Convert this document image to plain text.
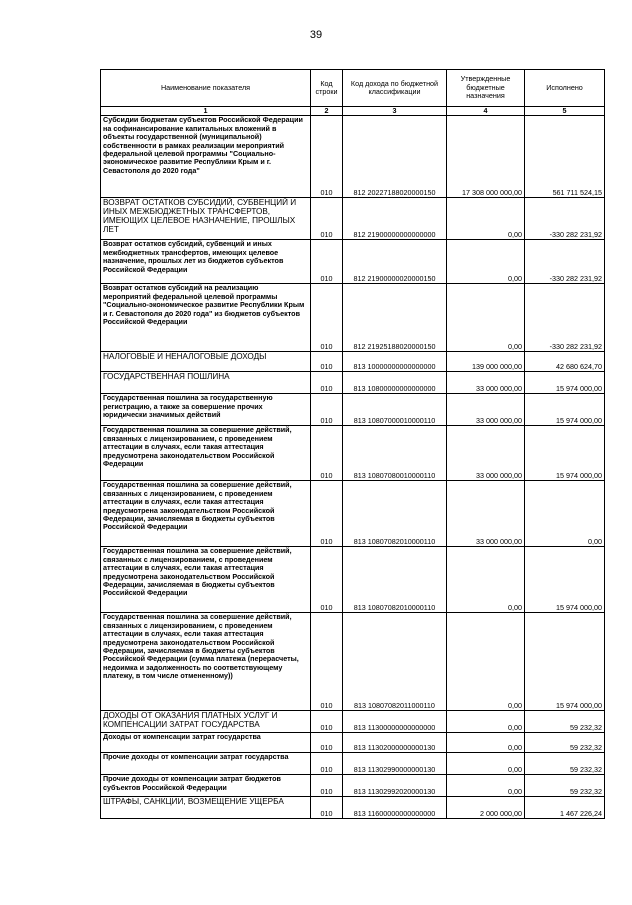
39
Наименование показателя	Код строки	Код дохода по бюджетной классификации	Утвержденные бюджетные назначения	Исполнено
1	2	3	4	5
Субсидии бюджетам субъектов Российской Федерации на софинансирование капитальных вложений в объекты государственной (муниципальной) собственности в рамках реализации мероприятий федеральной целевой программы "Социально-экономическое развитие Республики Крым и г. Севастополя до 2020 года"	010	812 20227188020000150	17 308 000 000,00	561 711 524,15
ВОЗВРАТ ОСТАТКОВ СУБСИДИЙ, СУБВЕНЦИЙ И ИНЫХ МЕЖБЮДЖЕТНЫХ ТРАНСФЕРТОВ, ИМЕЮЩИХ ЦЕЛЕВОЕ НАЗНАЧЕНИЕ, ПРОШЛЫХ ЛЕТ	010	812 21900000000000000	0,00	-330 282 231,92
Возврат остатков субсидий, субвенций и иных межбюджетных трансфертов, имеющих целевое назначение, прошлых лет из бюджетов субъектов Российской Федерации	010	812 21900000020000150	0,00	-330 282 231,92
Возврат остатков субсидий на реализацию мероприятий федеральной целевой программы "Социально-экономическое развитие Республики Крым и г. Севастополя до 2020 года" из бюджетов субъектов Российской Федерации	010	812 21925188020000150	0,00	-330 282 231,92
НАЛОГОВЫЕ И НЕНАЛОГОВЫЕ ДОХОДЫ	010	813 10000000000000000	139 000 000,00	42 680 624,70
ГОСУДАРСТВЕННАЯ ПОШЛИНА	010	813 10800000000000000	33 000 000,00	15 974 000,00
Государственная пошлина за государственную регистрацию, а также за совершение прочих юридически значимых действий	010	813 10807000010000110	33 000 000,00	15 974 000,00
Государственная пошлина за совершение действий, связанных с лицензированием, с проведением аттестации в случаях, если такая аттестация предусмотрена законодательством Российской Федерации	010	813 10807080010000110	33 000 000,00	15 974 000,00
Государственная пошлина за совершение действий, связанных с лицензированием, с проведением аттестации в случаях, если такая аттестация предусмотрена законодательством Российской Федерации, зачисляемая в бюджеты субъектов Российской Федерации	010	813 10807082010000110	33 000 000,00	0,00
Государственная пошлина за совершение действий, связанных с лицензированием, с проведением аттестации в случаях, если такая аттестация предусмотрена законодательством Российской Федерации, зачисляемая в бюджеты субъектов Российской Федерации	010	813 10807082010000110	0,00	15 974 000,00
Государственная пошлина за совершение действий, связанных с лицензированием, с проведением аттестации в случаях, если такая аттестация предусмотрена законодательством Российской Федерации, зачисляемая в бюджеты субъектов Российской Федерации (сумма платежа (перерасчеты, недоимка и задолженность по соответствующему платежу, в том числе отмененному))	010	813 10807082011000110	0,00	15 974 000,00
ДОХОДЫ ОТ ОКАЗАНИЯ ПЛАТНЫХ УСЛУГ И КОМПЕНСАЦИИ ЗАТРАТ ГОСУДАРСТВА	010	813 11300000000000000	0,00	59 232,32
Доходы от компенсации затрат государства	010	813 11302000000000130	0,00	59 232,32
Прочие доходы от компенсации затрат государства	010	813 11302990000000130	0,00	59 232,32
Прочие доходы от компенсации затрат бюджетов субъектов Российской Федерации	010	813 11302992020000130	0,00	59 232,32
ШТРАФЫ, САНКЦИИ, ВОЗМЕЩЕНИЕ УЩЕРБА	010	813 11600000000000000	2 000 000,00	1 467 226,24
